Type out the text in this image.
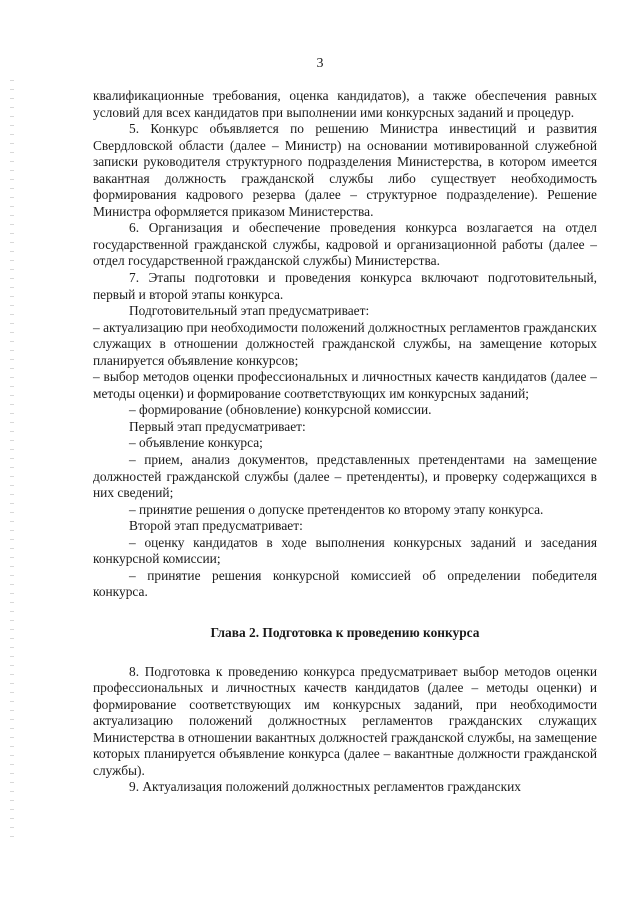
3

квалификационные требования, оценка кандидатов), а также обеспечения равных условий для всех кандидатов при выполнении ими конкурсных заданий и процедур.

5. Конкурс объявляется по решению Министра инвестиций и развития Свердловской области (далее – Министр) на основании мотивированной служебной записки руководителя структурного подразделения Министерства, в котором имеется вакантная должность гражданской службы либо существует необходимость формирования кадрового резерва (далее – структурное подразделение). Решение Министра оформляется приказом Министерства.

6. Организация и обеспечение проведения конкурса возлагается на отдел государственной гражданской службы, кадровой и организационной работы (далее – отдел государственной гражданской службы) Министерства.

7. Этапы подготовки и проведения конкурса включают подготовительный, первый и второй этапы конкурса.

Подготовительный этап предусматривает:

– актуализацию при необходимости положений должностных регламентов гражданских служащих в отношении должностей гражданской службы, на замещение которых планируется объявление конкурсов;

– выбор методов оценки профессиональных и личностных качеств кандидатов (далее – методы оценки) и формирование соответствующих им конкурсных заданий;

– формирование (обновление) конкурсной комиссии.

Первый этап предусматривает:

– объявление конкурса;

– прием, анализ документов, представленных претендентами на замещение должностей гражданской службы (далее – претенденты), и проверку содержащихся в них сведений;

– принятие решения о допуске претендентов ко второму этапу конкурса.

Второй этап предусматривает:

– оценку кандидатов в ходе выполнения конкурсных заданий и заседания конкурсной комиссии;

– принятие решения конкурсной комиссией об определении победителя конкурса.

Глава 2. Подготовка к проведению конкурса

8. Подготовка к проведению конкурса предусматривает выбор методов оценки профессиональных и личностных качеств кандидатов (далее – методы оценки) и формирование соответствующих им конкурсных заданий, при необходимости актуализацию положений должностных регламентов гражданских служащих Министерства в отношении вакантных должностей гражданской службы, на замещение которых планируется объявление конкурса (далее – вакантные должности гражданской службы).

9. Актуализация положений должностных регламентов гражданских
